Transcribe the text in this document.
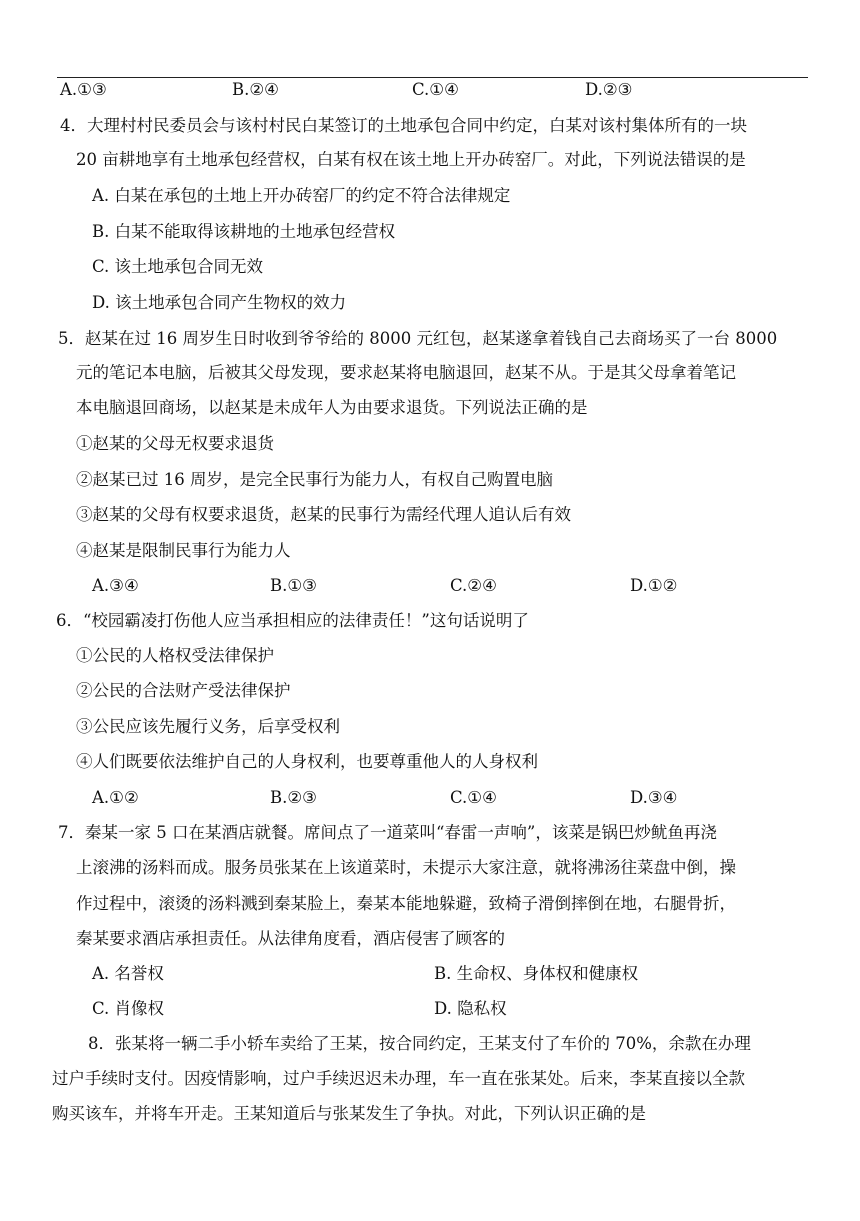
A.①③	B.②④	C.①④	D.②③
4．大理村村民委员会与该村村民白某签订的土地承包合同中约定，白某对该村集体所有的一块
20 亩耕地享有土地承包经营权，白某有权在该土地上开办砖窑厂。对此，下列说法错误的是
A. 白某在承包的土地上开办砖窑厂的约定不符合法律规定
B. 白某不能取得该耕地的土地承包经营权
C. 该土地承包合同无效
D. 该土地承包合同产生物权的效力
5．赵某在过 16 周岁生日时收到爷爷给的 8000 元红包，赵某遂拿着钱自己去商场买了一台 8000
元的笔记本电脑，后被其父母发现，要求赵某将电脑退回，赵某不从。于是其父母拿着笔记
本电脑退回商场，以赵某是未成年人为由要求退货。下列说法正确的是
①赵某的父母无权要求退货
②赵某已过 16 周岁，是完全民事行为能力人，有权自己购置电脑
③赵某的父母有权要求退货，赵某的民事行为需经代理人追认后有效
④赵某是限制民事行为能力人
A.③④	B.①③	C.②④	D.①②
6．“校园霸凌打伤他人应当承担相应的法律责任！”这句话说明了
①公民的人格权受法律保护
②公民的合法财产受法律保护
③公民应该先履行义务，后享受权利
④人们既要依法维护自己的人身权利，也要尊重他人的人身权利
A.①②	B.②③	C.①④	D.③④
7．秦某一家 5 口在某酒店就餐。席间点了一道菜叫“春雷一声响”，该菜是锅巴炒鱿鱼再浇
上滚沸的汤料而成。服务员张某在上该道菜时，未提示大家注意，就将沸汤往菜盘中倒，操
作过程中，滚烫的汤料溅到秦某脸上，秦某本能地躲避，致椅子滑倒摔倒在地，右腿骨折，
秦某要求酒店承担责任。从法律角度看，酒店侵害了顾客的
A. 名誉权	B. 生命权、身体权和健康权
C. 肖像权	D. 隐私权
8．张某将一辆二手小轿车卖给了王某，按合同约定，王某支付了车价的 70%，余款在办理
过户手续时支付。因疫情影响，过户手续迟迟未办理，车一直在张某处。后来，李某直接以全款
购买该车，并将车开走。王某知道后与张某发生了争执。对此，下列认识正确的是
